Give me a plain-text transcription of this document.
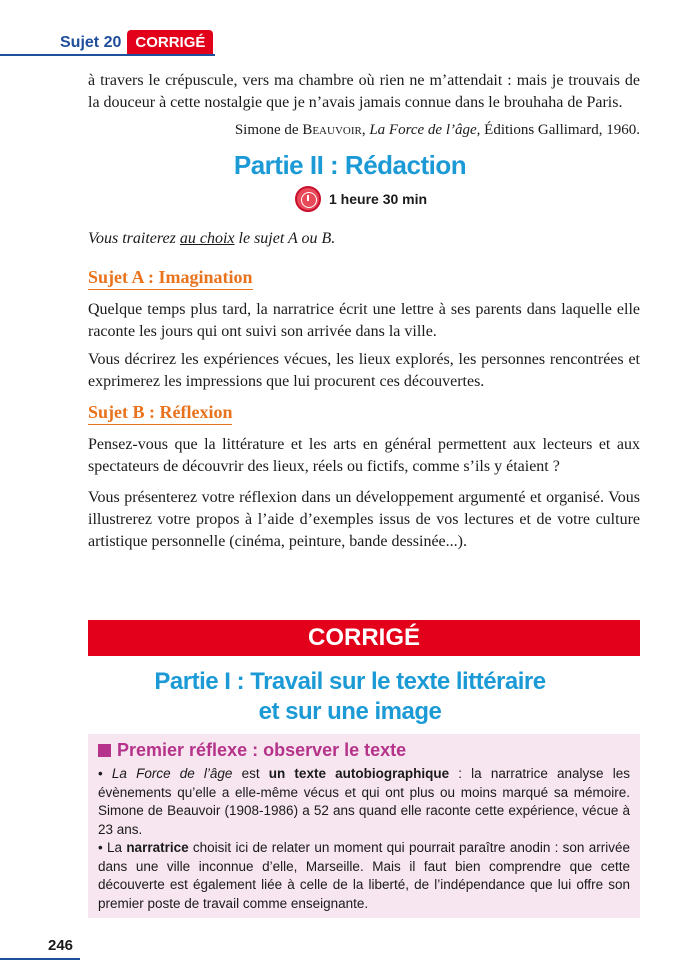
Sujet 20 CORRIGÉ

à travers le crépuscule, vers ma chambre où rien ne m’attendait : mais je trouvais de la douceur à cette nostalgie que je n’avais jamais connue dans le brouhaha de Paris.

Simone de Beauvoir, La Force de l’âge, Éditions Gallimard, 1960.

Partie II : Rédaction
1 heure 30 min

Vous traiterez au choix le sujet A ou B.

Sujet A : Imagination

Quelque temps plus tard, la narratrice écrit une lettre à ses parents dans laquelle elle raconte les jours qui ont suivi son arrivée dans la ville.

Vous décrirez les expériences vécues, les lieux explorés, les personnes rencontrées et exprimerez les impressions que lui procurent ces découvertes.

Sujet B : Réflexion

Pensez-vous que la littérature et les arts en général permettent aux lecteurs et aux spectateurs de découvrir des lieux, réels ou fictifs, comme s’ils y étaient ?

Vous présenterez votre réflexion dans un développement argumenté et organisé. Vous illustrerez votre propos à l’aide d’exemples issus de vos lectures et de votre culture artistique personnelle (cinéma, peinture, bande dessinée...).

CORRIGÉ
Partie I : Travail sur le texte littéraire
et sur une image
Premier réflexe : observer le texte

• La Force de l’âge est un texte autobiographique : la narratrice analyse les évènements qu’elle a elle-même vécus et qui ont plus ou moins marqué sa mémoire. Simone de Beauvoir (1908-1986) a 52 ans quand elle raconte cette expérience, vécue à 23 ans.

• La narratrice choisit ici de relater un moment qui pourrait paraître anodin : son arrivée dans une ville inconnue d’elle, Marseille. Mais il faut bien comprendre que cette découverte est également liée à celle de la liberté, de l’indépendance que lui offre son premier poste de travail comme enseignante.

246
